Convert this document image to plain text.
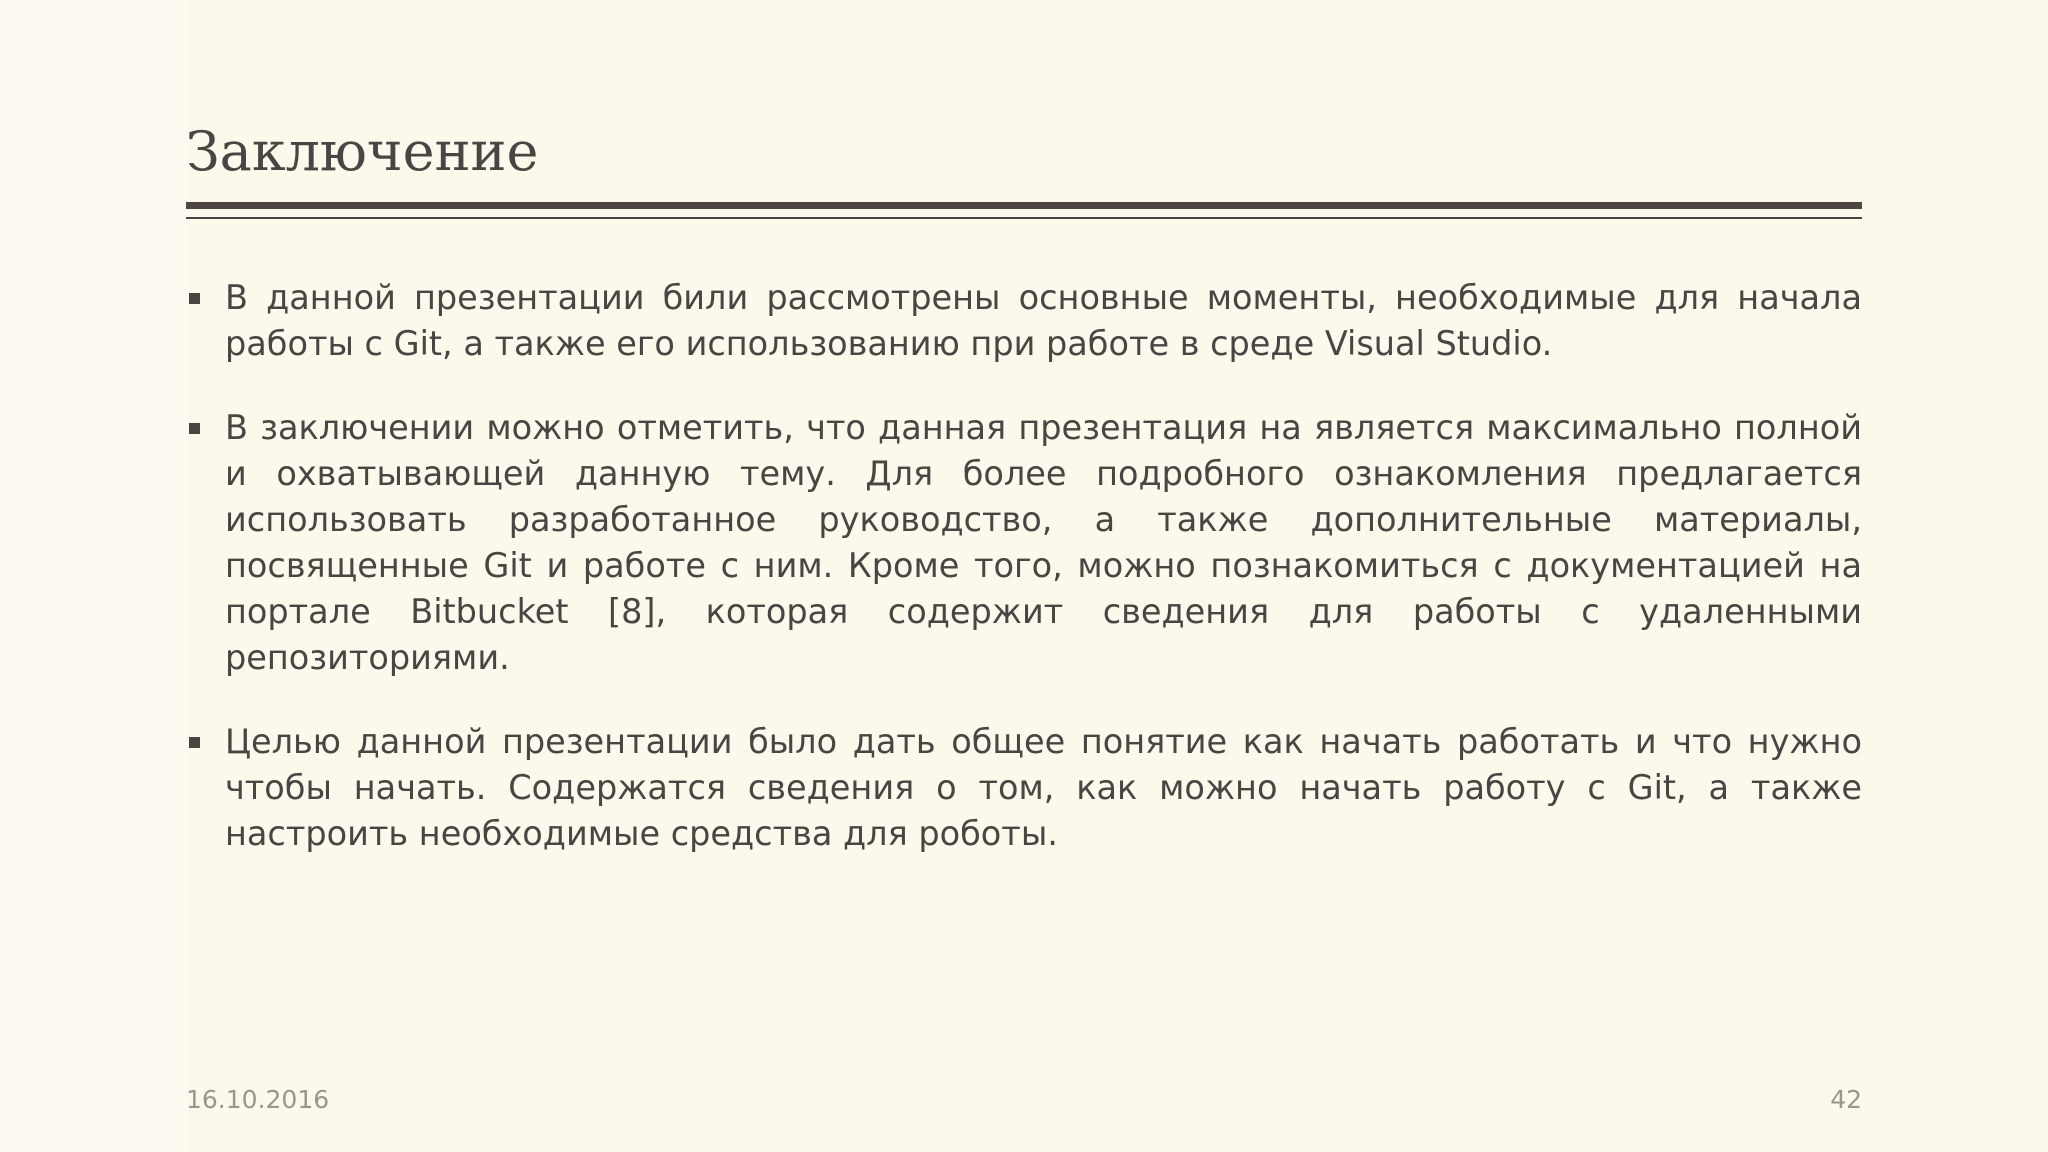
Заключение
В данной презентации били рассмотрены основные моменты, необходимые для начала работы с Git, а также его использованию при работе в среде Visual Studio.
В заключении можно отметить, что данная презентация на является максимально полной и охватывающей данную тему. Для более подробного ознакомления предлагается использовать разработанное руководство, а также дополнительные материалы, посвященные Git и работе с ним. Кроме того, можно познакомиться с документацией на портале Bitbucket [8], которая содержит сведения для работы с удаленными репозиториями.
Целью данной презентации было дать общее понятие как начать работать и что нужно чтобы начать. Содержатся сведения о том, как можно начать работу с Git, а также настроить необходимые средства для роботы.
16.10.2016	42
